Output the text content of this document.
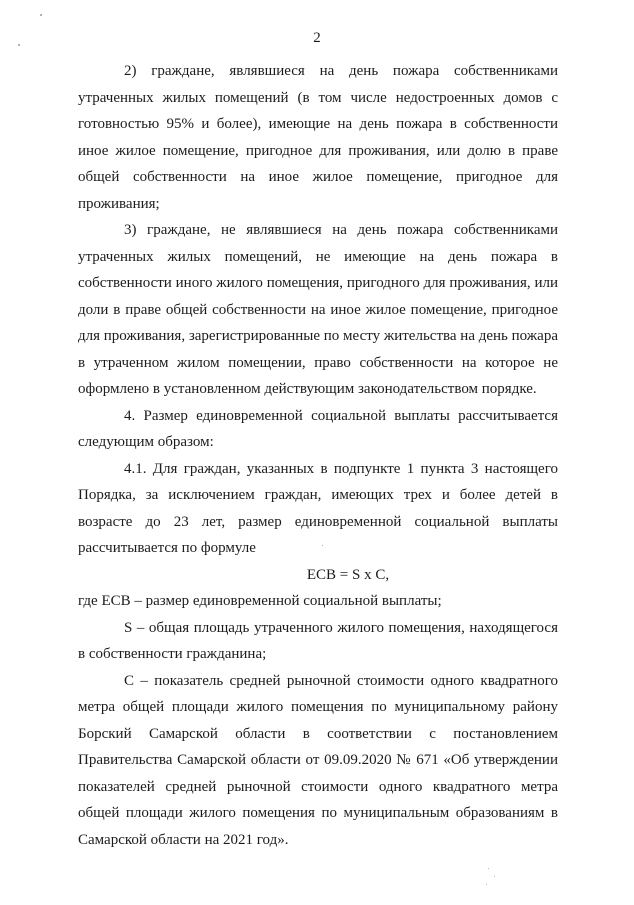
2

2) граждане, являвшиеся на день пожара собственниками утраченных жилых помещений (в том числе недостроенных домов с готовностью 95% и более), имеющие на день пожара в собственности иное жилое помещение, пригодное для проживания, или долю в праве общей собственности на иное жилое помещение, пригодное для проживания;

3) граждане, не являвшиеся на день пожара собственниками утраченных жилых помещений, не имеющие на день пожара в собственности иного жилого помещения, пригодного для проживания, или доли в праве общей собственности на иное жилое помещение, пригодное для проживания, зарегистрированные по месту жительства на день пожара в утраченном жилом помещении, право собственности на которое не оформлено в установленном действующим законодательством порядке.

4. Размер единовременной социальной выплаты рассчитывается следующим образом:

4.1. Для граждан, указанных в подпункте 1 пункта 3 настоящего Порядка, за исключением граждан, имеющих трех и более детей в возрасте до 23 лет, размер единовременной социальной выплаты рассчитывается по формуле

ЕСВ = S х С,

где ЕСВ – размер единовременной социальной выплаты;

S – общая площадь утраченного жилого помещения, находящегося в собственности гражданина;

С – показатель средней рыночной стоимости одного квадратного метра общей площади жилого помещения по муниципальному району Борский Самарской области в соответствии с постановлением Правительства Самарской области от 09.09.2020 № 671 «Об утверждении показателей средней рыночной стоимости одного квадратного метра общей площади жилого помещения по муниципальным образованиям в Самарской области на 2021 год».
